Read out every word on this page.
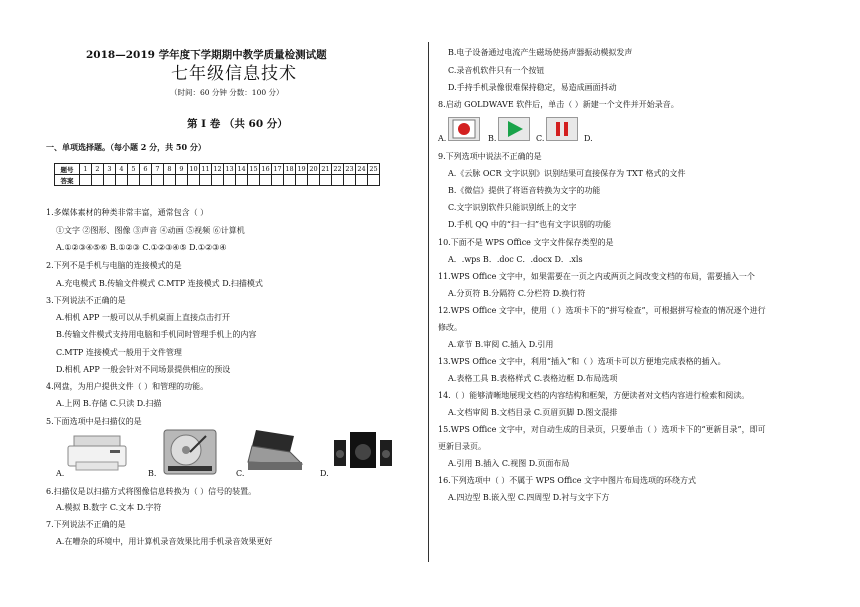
2018—2019 学年度下学期期中教学质量检测试题
七年级信息技术
（时间：60 分钟 分数：100 分）
第 Ⅰ 卷 （共 60 分）
一、单项选择题。（每小题 2 分，共 50 分）
题号	1	2	3	4	5	6	7	8	9	10	11	12	13	14	15	16	17	18	19	20	21	22	23	24	25
答案																									
1.多媒体素材的种类非常丰富，通常包含（ ）
①文字 ②图形、图像 ③声音 ④动画 ⑤视频 ⑥计算机
A.①②③④⑤⑥ B.①②③ C.①②③④⑤ D.①②③④
2.下列不是手机与电脑的连接模式的是
A.充电模式 B.传输文件模式 C.MTP 连接模式 D.扫描模式
3.下列说法不正确的是
A.相机 APP 一般可以从手机桌面上直接点击打开
B.传输文件模式支持用电脑和手机同时管理手机上的内容
C.MTP 连接模式一般用于文件管理
D.相机 APP 一般会针对不同场景提供相应的预设
4.网盘，为用户提供文件（ ）和管理的功能。
A.上网 B.存储 C.只读 D.扫描
5.下面选项中是扫描仪的是
A.	B.	C.	D.
6.扫描仪是以扫描方式将图像信息转换为（ ）信号的装置。
A.模拟 B.数字 C.文本 D.字符
7.下列说法不正确的是
A.在嘈杂的环境中，用计算机录音效果比用手机录音效果更好
B.电子设备通过电流产生磁场使扬声器振动模拟发声
C.录音机软件只有一个按钮
D.手持手机录像很难保持稳定，易造成画面抖动
8.启动 GOLDWAVE 软件后，单击（ ）新建一个文件并开始录音。
A.	B.	C.	D.
9.下列选项中说法不正确的是
A.《云脉 OCR 文字识别》识别结果可直接保存为 TXT 格式的文件
B.《微信》提供了将语音转换为文字的功能
C.文字识别软件只能识别纸上的文字
D.手机 QQ 中的“扫一扫”也有文字识别的功能
10.下面不是 WPS Office 文字文件保存类型的是
A．.wps B．.doc C．.docx D．.xls
11.WPS Office 文字中，如果需要在一页之内或两页之间改变文档的布局，需要插入一个
A.分页符 B.分隔符 C.分栏符 D.换行符
12.WPS Office 文字中，使用（ ）选项卡下的“拼写检查”，可根据拼写检查的情况逐个进行
修改。
A.章节 B.审阅 C.插入 D.引用
13.WPS Office 文字中，利用“插入”和（ ）选项卡可以方便地完成表格的插入。
A.表格工具 B.表格样式 C.表格边框 D.布局选项
14.（ ）能够清晰地展现文档的内容结构和框架，方便读者对文档内容进行检索和阅读。
A.文档审阅 B.文档目录 C.页眉页脚 D.图文混排
15.WPS Office 文字中，对自动生成的目录页，只要单击（ ）选项卡下的“更新目录”，即可
更新目录页。
A.引用 B.插入 C.视图 D.页面布局
16.下列选项中（ ）不属于 WPS Office 文字中图片布局选项的环绕方式
A.四边型 B.嵌入型 C.四周型 D.衬与文字下方
